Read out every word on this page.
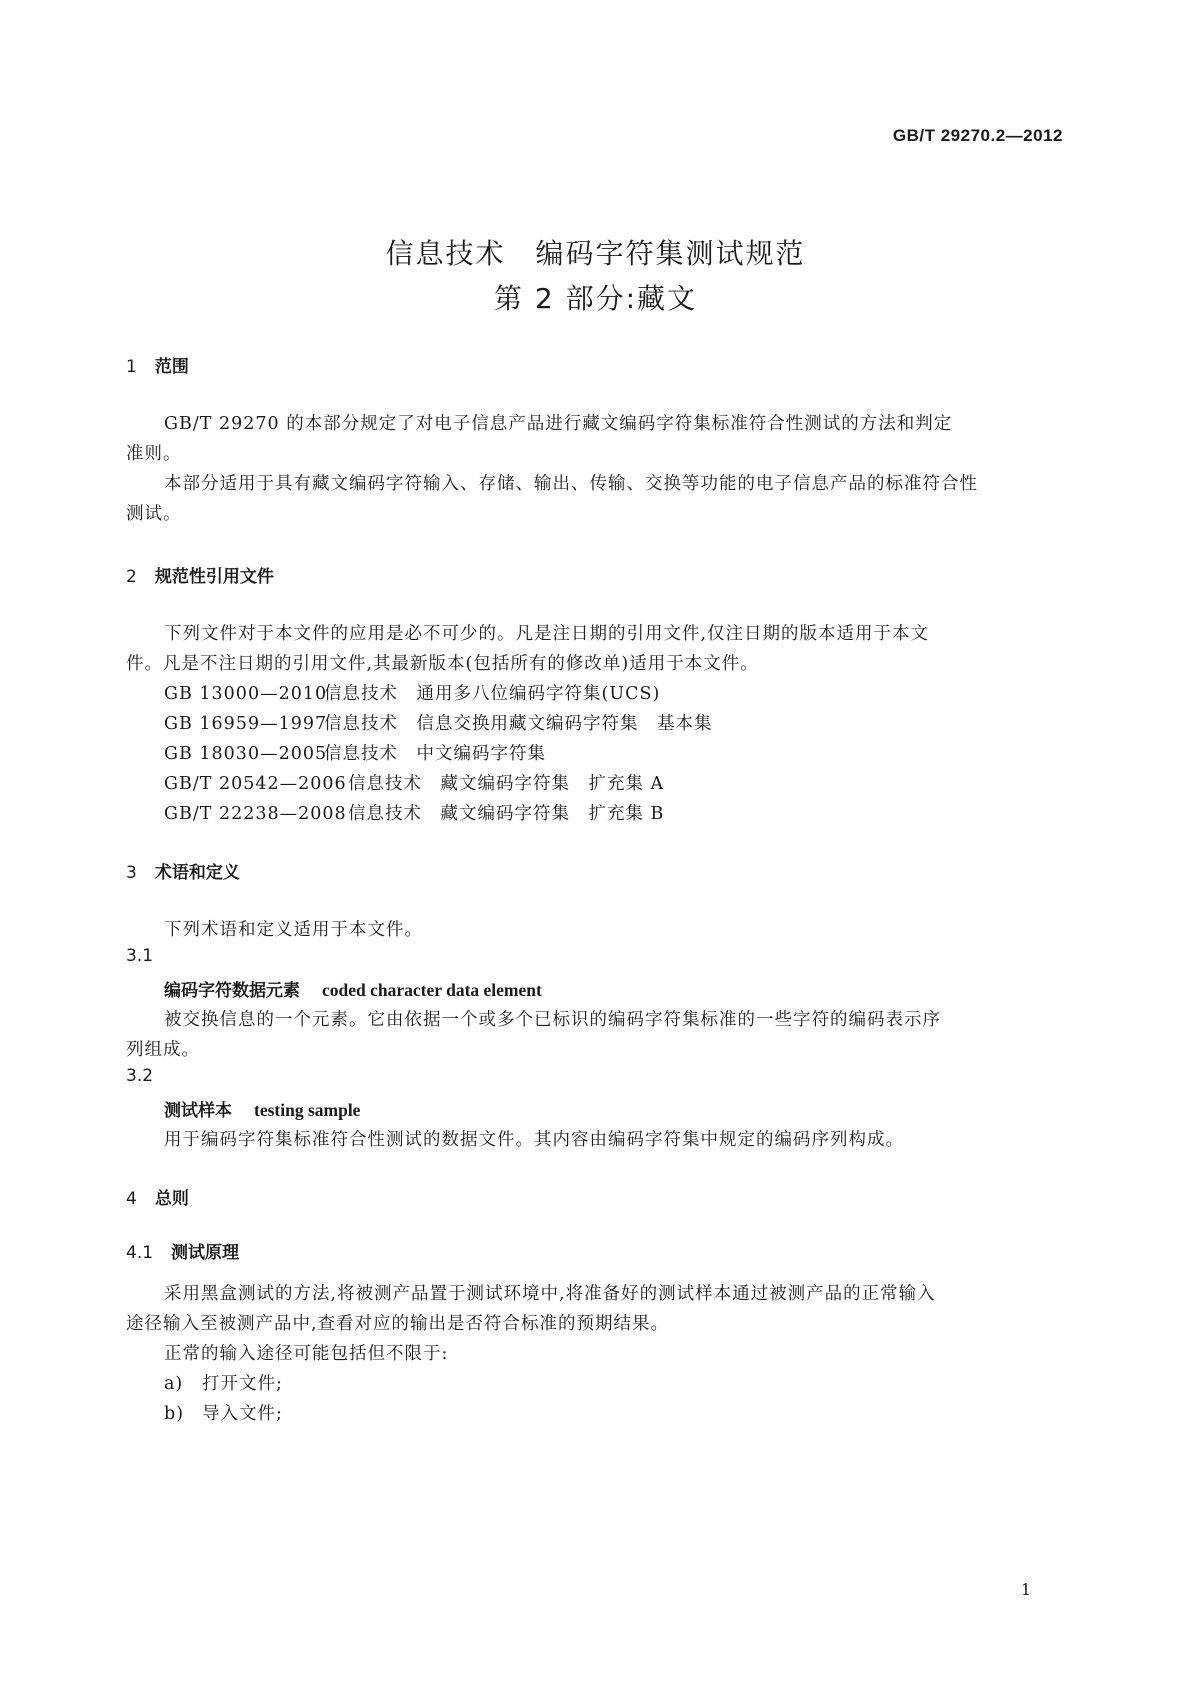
GB/T 29270.2—2012
信息技术　编码字符集测试规范
第 2 部分:藏文
1 范围
GB/T 29270 的本部分规定了对电子信息产品进行藏文编码字符集标准符合性测试的方法和判定
准则。
本部分适用于具有藏文编码字符输入、存储、输出、传输、交换等功能的电子信息产品的标准符合性
测试。
2 规范性引用文件
下列文件对于本文件的应用是必不可少的。凡是注日期的引用文件,仅注日期的版本适用于本文
件。凡是不注日期的引用文件,其最新版本(包括所有的修改单)适用于本文件。
GB 13000—2010信息技术　通用多八位编码字符集(UCS)
GB 16959—1997信息技术　信息交换用藏文编码字符集　基本集
GB 18030—2005信息技术　中文编码字符集
GB/T 20542—2006信息技术　藏文编码字符集　扩充集 A
GB/T 22238—2008信息技术　藏文编码字符集　扩充集 B
3 术语和定义
下列术语和定义适用于本文件。
3.1
编码字符数据元素 coded character data element
被交换信息的一个元素。它由依据一个或多个已标识的编码字符集标准的一些字符的编码表示序
列组成。
3.2
测试样本 testing sample
用于编码字符集标准符合性测试的数据文件。其内容由编码字符集中规定的编码序列构成。
4 总则
4.1 测试原理
采用黑盒测试的方法,将被测产品置于测试环境中,将准备好的测试样本通过被测产品的正常输入
途径输入至被测产品中,查看对应的输出是否符合标准的预期结果。
正常的输入途径可能包括但不限于:
a) 打开文件;
b) 导入文件;
1
